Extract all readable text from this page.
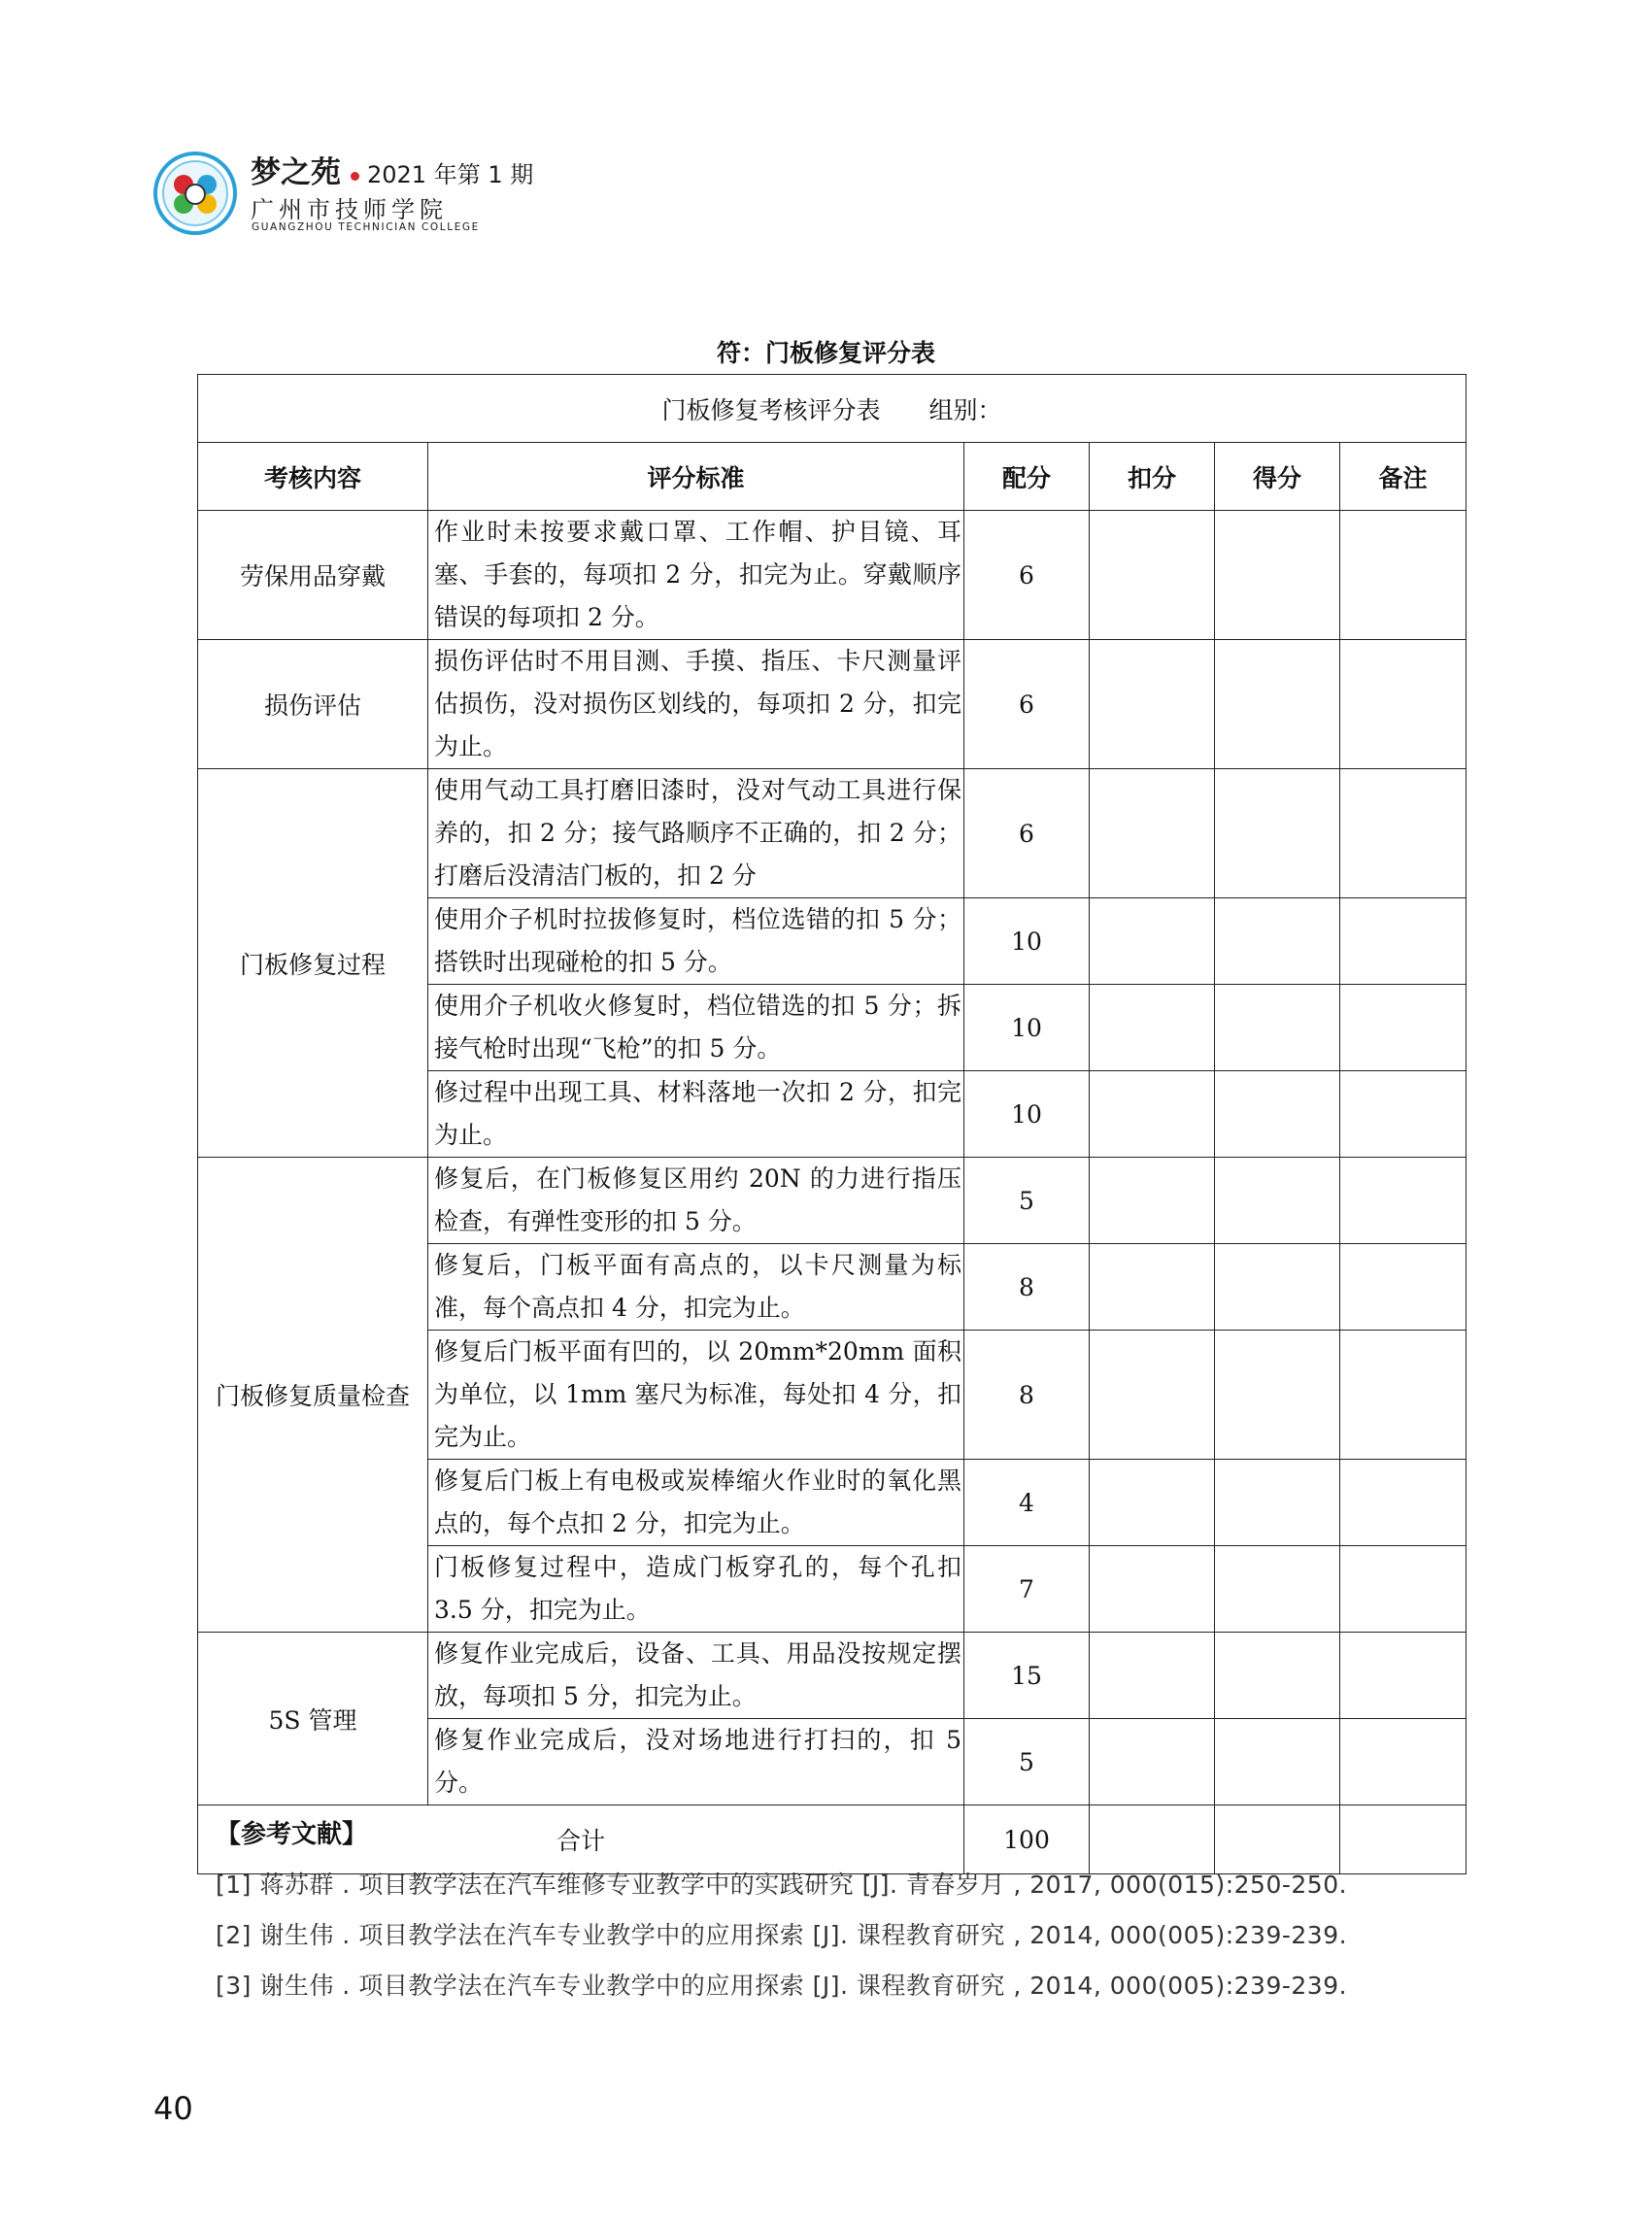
梦之苑 2021 年第 1 期
广州市技师学院
GUANGZHOU TECHNICIAN COLLEGE
符：门板修复评分表
门板修复考核评分表　　组别：					
考核内容	评分标准	配分	扣分	得分	备注
劳保用品穿戴	作业时未按要求戴口罩、工作帽、护目镜、耳塞、手套的，每项扣 2 分，扣完为止。穿戴顺序错误的每项扣 2 分。	6			
损伤评估	损伤评估时不用目测、手摸、指压、卡尺测量评估损伤，没对损伤区划线的，每项扣 2 分，扣完为止。	6			
门板修复过程	使用气动工具打磨旧漆时，没对气动工具进行保养的，扣 2 分；接气路顺序不正确的，扣 2 分；打磨后没清洁门板的，扣 2 分	6			
	使用介子机时拉拔修复时，档位选错的扣 5 分；搭铁时出现碰枪的扣 5 分。	10			
	使用介子机收火修复时，档位错选的扣 5 分；拆接气枪时出现“飞枪”的扣 5 分。	10			
	修过程中出现工具、材料落地一次扣 2 分，扣完为止。	10			
门板修复质量检查	修复后，在门板修复区用约 20N 的力进行指压检查，有弹性变形的扣 5 分。	5			
	修复后，门板平面有高点的，以卡尺测量为标准，每个高点扣 4 分，扣完为止。	8			
	修复后门板平面有凹的，以 20mm*20mm 面积为单位，以 1mm 塞尺为标准，每处扣 4 分，扣完为止。	8			
	修复后门板上有电极或炭棒缩火作业时的氧化黑点的，每个点扣 2 分，扣完为止。	4			
	门板修复过程中，造成门板穿孔的，每个孔扣 3.5 分，扣完为止。	7			
5S 管理	修复作业完成后，设备、工具、用品没按规定摆放，每项扣 5 分，扣完为止。	15			
	修复作业完成后，没对场地进行打扫的，扣 5 分。	5			
合计		100			
【参考文献】
[1] 蒋苏群 . 项目教学法在汽车维修专业教学中的实践研究 [J]. 青春岁月 , 2017, 000(015):250-250.
[2] 谢生伟 . 项目教学法在汽车专业教学中的应用探索 [J]. 课程教育研究 , 2014, 000(005):239-239.
[3] 谢生伟 . 项目教学法在汽车专业教学中的应用探索 [J]. 课程教育研究 , 2014, 000(005):239-239.
40
